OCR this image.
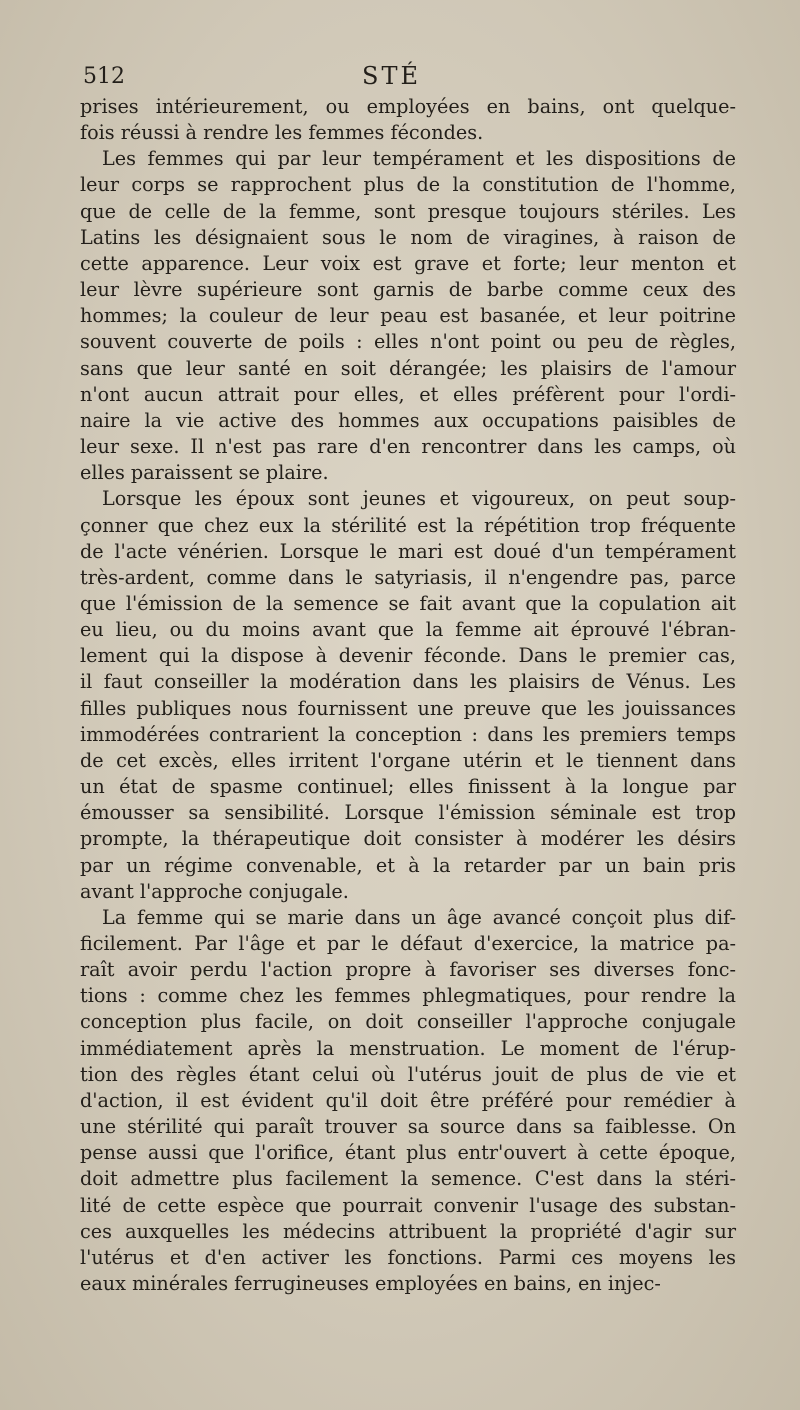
512	STÉ
prises intérieurement, ou employées en bains, ont quelque-
fois réussi à rendre les femmes fécondes.
Les femmes qui par leur tempérament et les dispositions de
leur corps se rapprochent plus de la constitution de l'homme,
que de celle de la femme, sont presque toujours stériles. Les
Latins les désignaient sous le nom de viragines, à raison de
cette apparence. Leur voix est grave et forte; leur menton et
leur lèvre supérieure sont garnis de barbe comme ceux des
hommes; la couleur de leur peau est basanée, et leur poitrine
souvent couverte de poils : elles n'ont point ou peu de règles,
sans que leur santé en soit dérangée; les plaisirs de l'amour
n'ont aucun attrait pour elles, et elles préfèrent pour l'ordi-
naire la vie active des hommes aux occupations paisibles de
leur sexe. Il n'est pas rare d'en rencontrer dans les camps, où
elles paraissent se plaire.
Lorsque les époux sont jeunes et vigoureux, on peut soup-
çonner que chez eux la stérilité est la répétition trop fréquente
de l'acte vénérien. Lorsque le mari est doué d'un tempérament
très-ardent, comme dans le satyriasis, il n'engendre pas, parce
que l'émission de la semence se fait avant que la copulation ait
eu lieu, ou du moins avant que la femme ait éprouvé l'ébran-
lement qui la dispose à devenir féconde. Dans le premier cas,
il faut conseiller la modération dans les plaisirs de Vénus. Les
filles publiques nous fournissent une preuve que les jouissances
immodérées contrarient la conception : dans les premiers temps
de cet excès, elles irritent l'organe utérin et le tiennent dans
un état de spasme continuel; elles finissent à la longue par
émousser sa sensibilité. Lorsque l'émission séminale est trop
prompte, la thérapeutique doit consister à modérer les désirs
par un régime convenable, et à la retarder par un bain pris
avant l'approche conjugale.
La femme qui se marie dans un âge avancé conçoit plus dif-
ficilement. Par l'âge et par le défaut d'exercice, la matrice pa-
raît avoir perdu l'action propre à favoriser ses diverses fonc-
tions : comme chez les femmes phlegmatiques, pour rendre la
conception plus facile, on doit conseiller l'approche conjugale
immédiatement après la menstruation. Le moment de l'érup-
tion des règles étant celui où l'utérus jouit de plus de vie et
d'action, il est évident qu'il doit être préféré pour remédier à
une stérilité qui paraît trouver sa source dans sa faiblesse. On
pense aussi que l'orifice, étant plus entr'ouvert à cette époque,
doit admettre plus facilement la semence. C'est dans la stéri-
lité de cette espèce que pourrait convenir l'usage des substan-
ces auxquelles les médecins attribuent la propriété d'agir sur
l'utérus et d'en activer les fonctions. Parmi ces moyens les
eaux minérales ferrugineuses employées en bains, en injec-
